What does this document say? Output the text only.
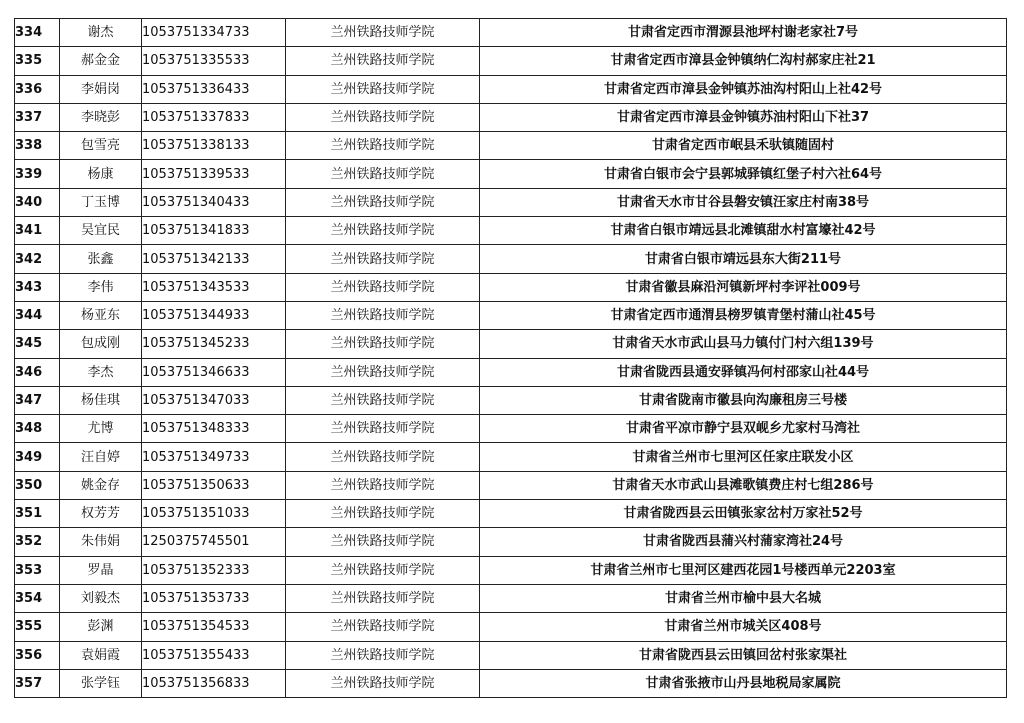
334	谢杰	1053751334733	兰州铁路技师学院	甘肃省定西市渭源县池坪村谢老家社7号
335	郝金金	1053751335533	兰州铁路技师学院	甘肃省定西市漳县金钟镇纳仁沟村郝家庄社21
336	李娟岗	1053751336433	兰州铁路技师学院	甘肃省定西市漳县金钟镇苏油沟村阳山上社42号
337	李晓彭	1053751337833	兰州铁路技师学院	甘肃省定西市漳县金钟镇苏油村阳山下社37
338	包雪亮	1053751338133	兰州铁路技师学院	甘肃省定西市岷县禾驮镇随固村
339	杨康	1053751339533	兰州铁路技师学院	甘肃省白银市会宁县郭城驿镇红堡子村六社64号
340	丁玉博	1053751340433	兰州铁路技师学院	甘肃省天水市甘谷县磐安镇汪家庄村南38号
341	吴宜民	1053751341833	兰州铁路技师学院	甘肃省白银市靖远县北滩镇甜水村富壕社42号
342	张鑫	1053751342133	兰州铁路技师学院	甘肃省白银市靖远县东大街211号
343	李伟	1053751343533	兰州铁路技师学院	甘肃省徽县麻沿河镇新坪村李评社009号
344	杨亚东	1053751344933	兰州铁路技师学院	甘肃省定西市通渭县榜罗镇青堡村蒲山社45号
345	包成刚	1053751345233	兰州铁路技师学院	甘肃省天水市武山县马力镇付门村六组139号
346	李杰	1053751346633	兰州铁路技师学院	甘肃省陇西县通安驿镇冯何村邵家山社44号
347	杨佳琪	1053751347033	兰州铁路技师学院	甘肃省陇南市徽县向沟廉租房三号楼
348	尤博	1053751348333	兰州铁路技师学院	甘肃省平凉市静宁县双岘乡尤家村马湾社
349	汪自婷	1053751349733	兰州铁路技师学院	甘肃省兰州市七里河区任家庄联发小区
350	姚金存	1053751350633	兰州铁路技师学院	甘肃省天水市武山县滩歌镇费庄村七组286号
351	权芳芳	1053751351033	兰州铁路技师学院	甘肃省陇西县云田镇张家岔村万家社52号
352	朱伟娟	1250375745501	兰州铁路技师学院	甘肃省陇西县蒲兴村蒲家湾社24号
353	罗晶	1053751352333	兰州铁路技师学院	甘肃省兰州市七里河区建西花园1号楼西单元2203室
354	刘毅杰	1053751353733	兰州铁路技师学院	甘肃省兰州市榆中县大名城
355	彭渊	1053751354533	兰州铁路技师学院	甘肃省兰州市城关区408号
356	袁娟霞	1053751355433	兰州铁路技师学院	甘肃省陇西县云田镇回岔村张家渠社
357	张学钰	1053751356833	兰州铁路技师学院	甘肃省张掖市山丹县地税局家属院
